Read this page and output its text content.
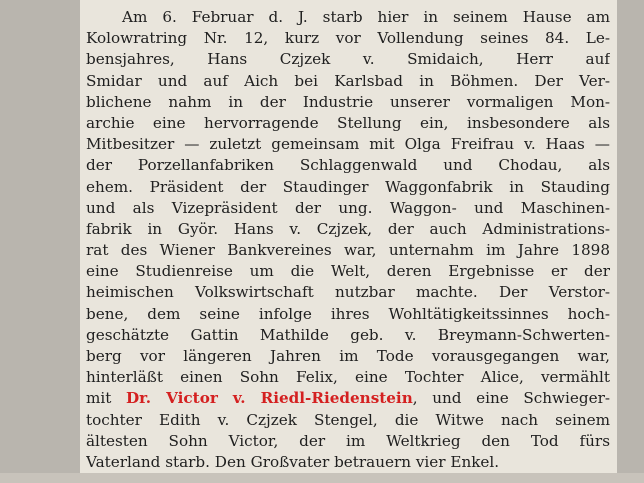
Am 6. Februar d. J. starb hier in seinem Hause am
Kolowratring Nr. 12, kurz vor Vollendung seines 84. Le-
bensjahres, Hans Czjzek v. Smidaich, Herr auf
Smidar und auf Aich bei Karlsbad in Böhmen. Der Ver-
blichene nahm in der Industrie unserer vormaligen Mon-
archie eine hervorragende Stellung ein, insbesondere als
Mitbesitzer — zuletzt gemeinsam mit Olga Freifrau v. Haas —
der Porzellanfabriken Schlaggenwald und Chodau, als
ehem. Präsident der Staudinger Waggonfabrik in Stauding
und als Vizepräsident der ung. Waggon- und Maschinen-
fabrik in Györ. Hans v. Czjzek, der auch Administrations-
rat des Wiener Bankvereines war, unternahm im Jahre 1898
eine Studienreise um die Welt, deren Ergebnisse er der
heimischen Volkswirtschaft nutzbar machte. Der Verstor-
bene, dem seine infolge ihres Wohltätigkeitssinnes hoch-
geschätzte Gattin Mathilde geb. v. Breymann-Schwerten-
berg vor längeren Jahren im Tode vorausgegangen war,
hinterläßt einen Sohn Felix, eine Tochter Alice, vermählt
mit Dr. Victor v. Riedl-Riedenstein, und eine Schwieger-
tochter Edith v. Czjzek Stengel, die Witwe nach seinem
ältesten Sohn Victor, der im Weltkrieg den Tod fürs
Vaterland starb. Den Großvater betrauern vier Enkel.
